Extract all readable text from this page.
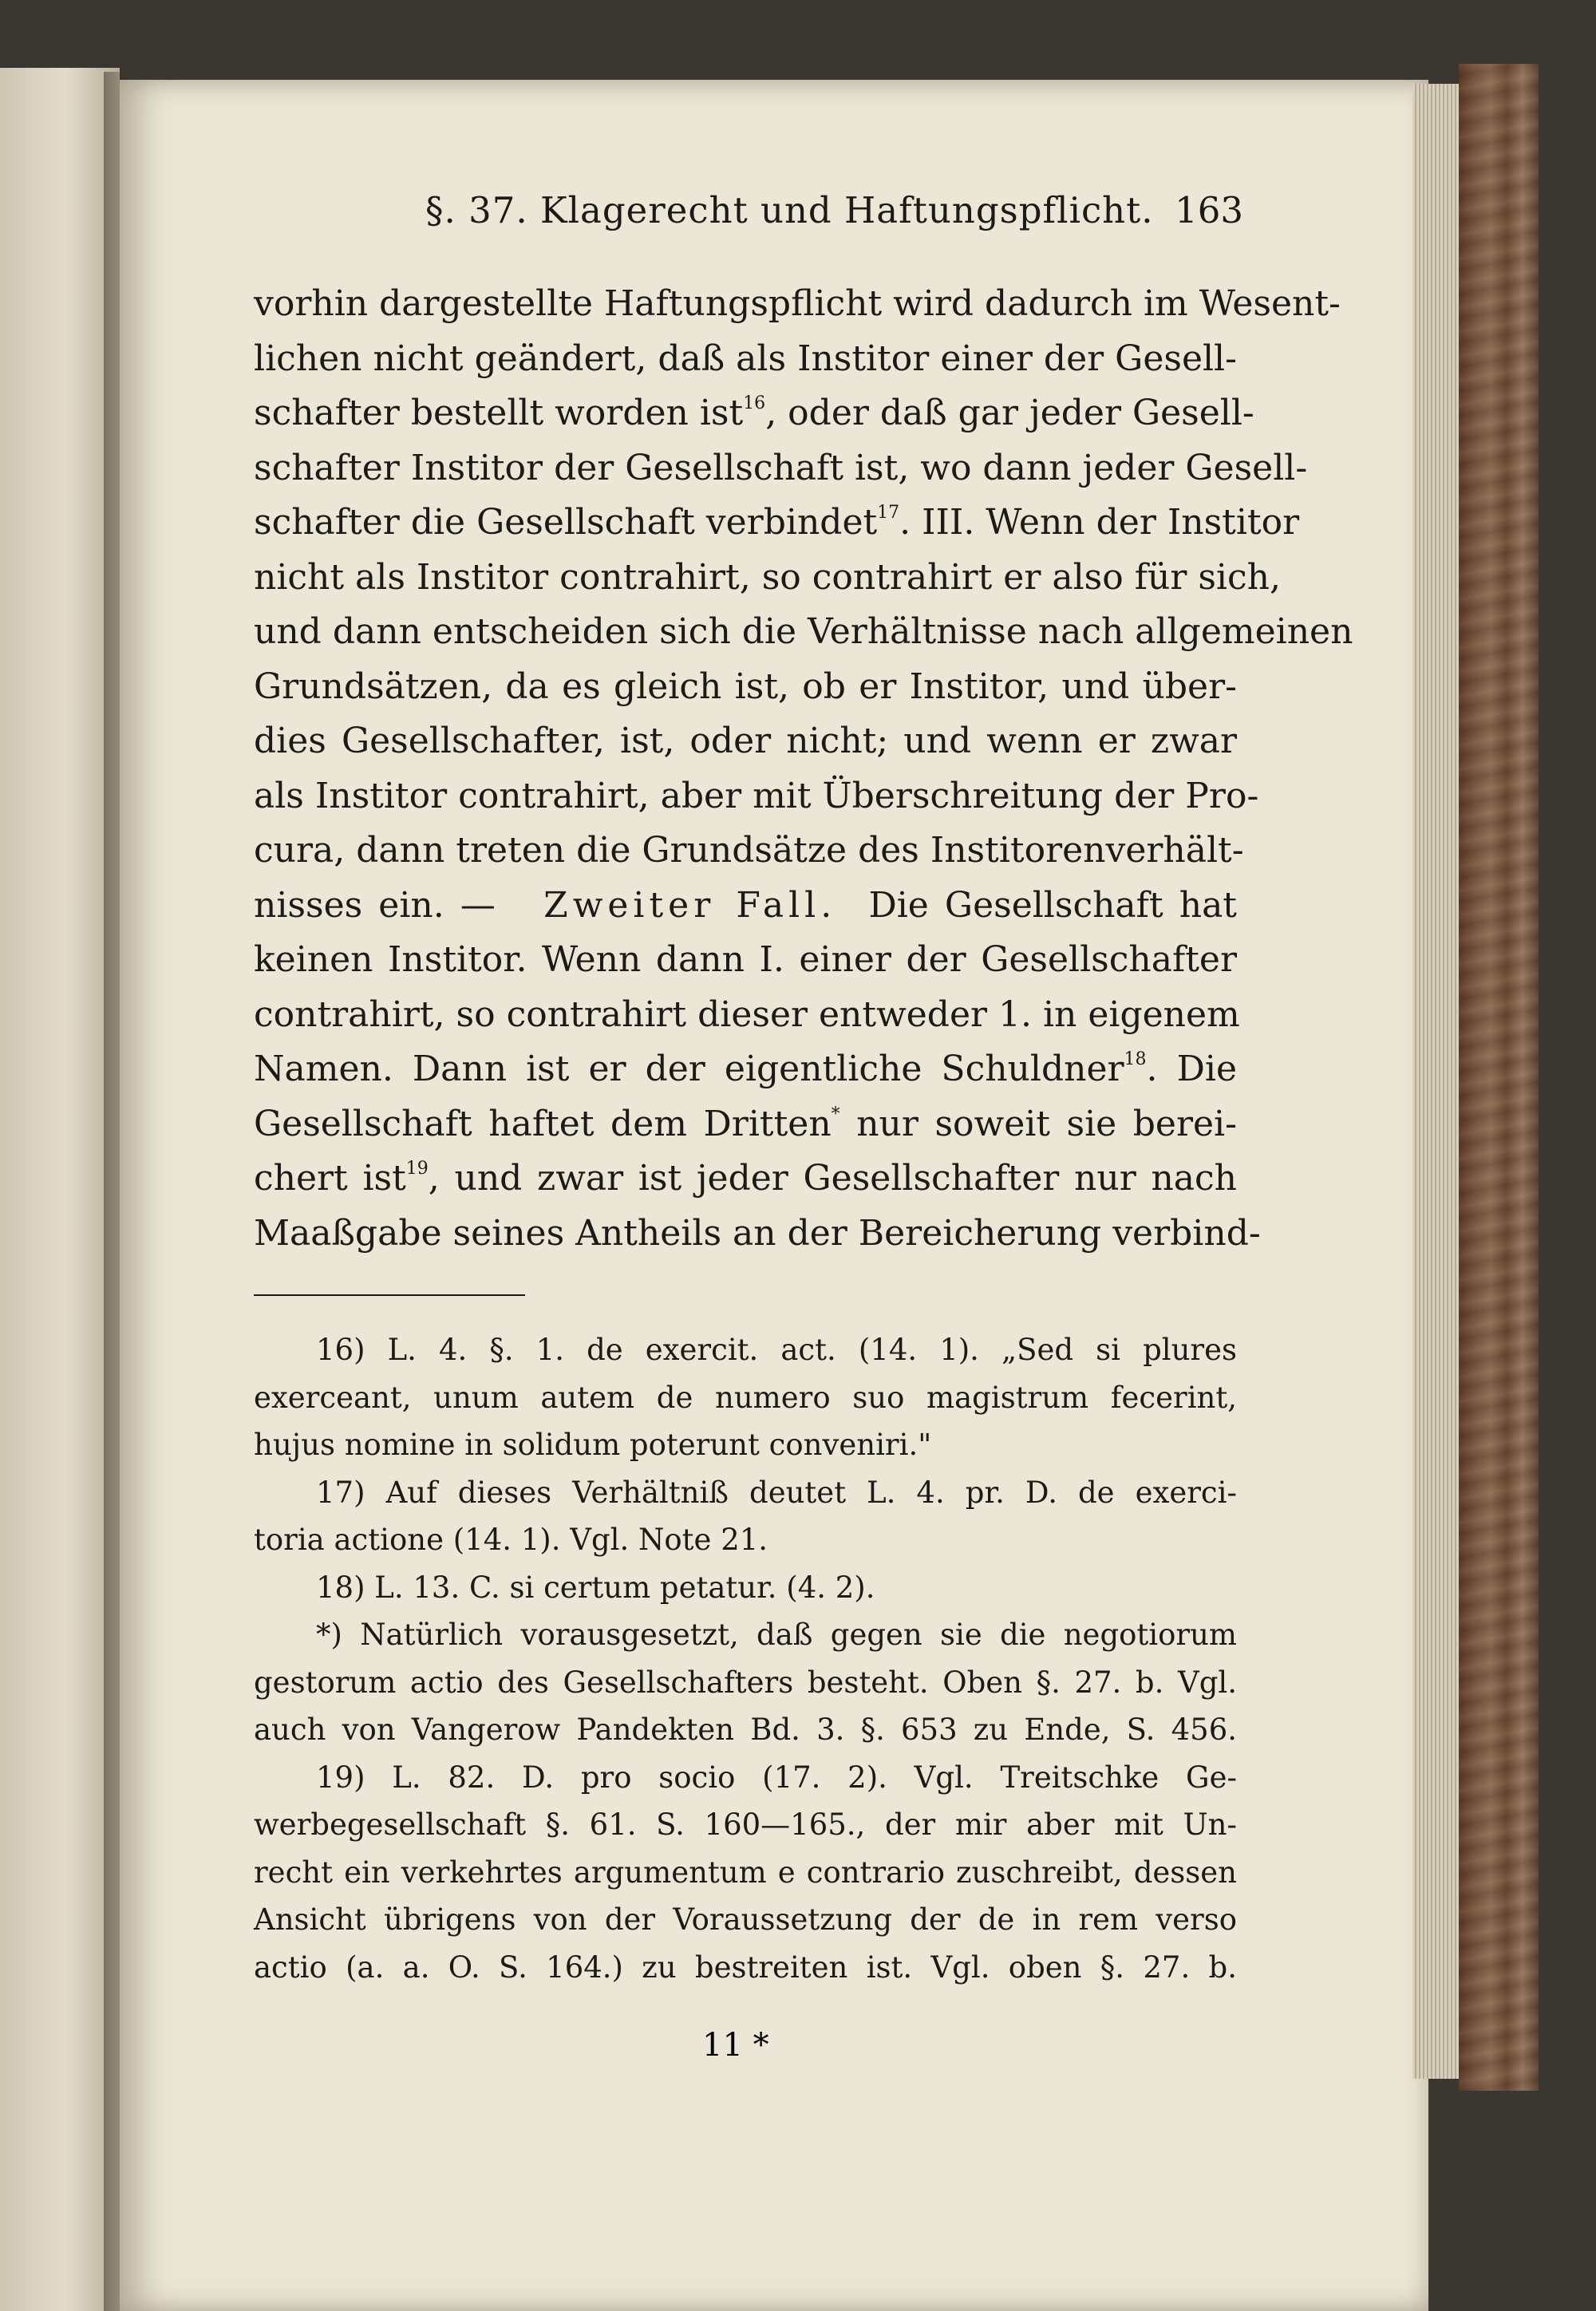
§. 37. Klagerecht und Haftungspflicht. 163
vorhin dargestellte Haftungspflicht wird dadurch im Wesent-
lichen nicht geändert, daß als Institor einer der Gesell-
schafter bestellt worden ist$^{16}$, oder daß gar jeder Gesell-
schafter Institor der Gesellschaft ist, wo dann jeder Gesell-
schafter die Gesellschaft verbindet$^{17}$. III. Wenn der Institor
nicht als Institor contrahirt, so contrahirt er also für sich,
und dann entscheiden sich die Verhältnisse nach allgemeinen
Grundsätzen, da es gleich ist, ob er Institor, und über-
dies Gesellschafter, ist, oder nicht; und wenn er zwar
als Institor contrahirt, aber mit Überschreitung der Pro-
cura, dann treten die Grundsätze des Institorenverhält-
nisses ein. — Zweiter Fall. Die Gesellschaft hat
keinen Institor. Wenn dann I. einer der Gesellschafter
contrahirt, so contrahirt dieser entweder 1. in eigenem
Namen. Dann ist er der eigentliche Schuldner$^{18}$. Die
Gesellschaft haftet dem Dritten* nur soweit sie berei-
chert ist$^{19}$, und zwar ist jeder Gesellschafter nur nach
Maaßgabe seines Antheils an der Bereicherung verbind-
16) L. 4. §. 1. de exercit. act. (14. 1). „Sed si plures
exerceant, unum autem de numero suo magistrum fecerint,
hujus nomine in solidum poterunt conveniri."
17) Auf dieses Verhältniß deutet L. 4. pr. D. de exerci-
toria actione (14. 1). Vgl. Note 21.
18) L. 13. C. si certum petatur. (4. 2).
*) Natürlich vorausgesetzt, daß gegen sie die negotiorum
gestorum actio des Gesellschafters besteht. Oben §. 27. b. Vgl.
auch von Vangerow Pandekten Bd. 3. §. 653 zu Ende, S. 456.
19) L. 82. D. pro socio (17. 2). Vgl. Treitschke Ge-
werbegesellschaft §. 61. S. 160—165., der mir aber mit Un-
recht ein verkehrtes argumentum e contrario zuschreibt, dessen
Ansicht übrigens von der Voraussetzung der de in rem verso
actio (a. a. O. S. 164.) zu bestreiten ist. Vgl. oben §. 27. b.
11 *
